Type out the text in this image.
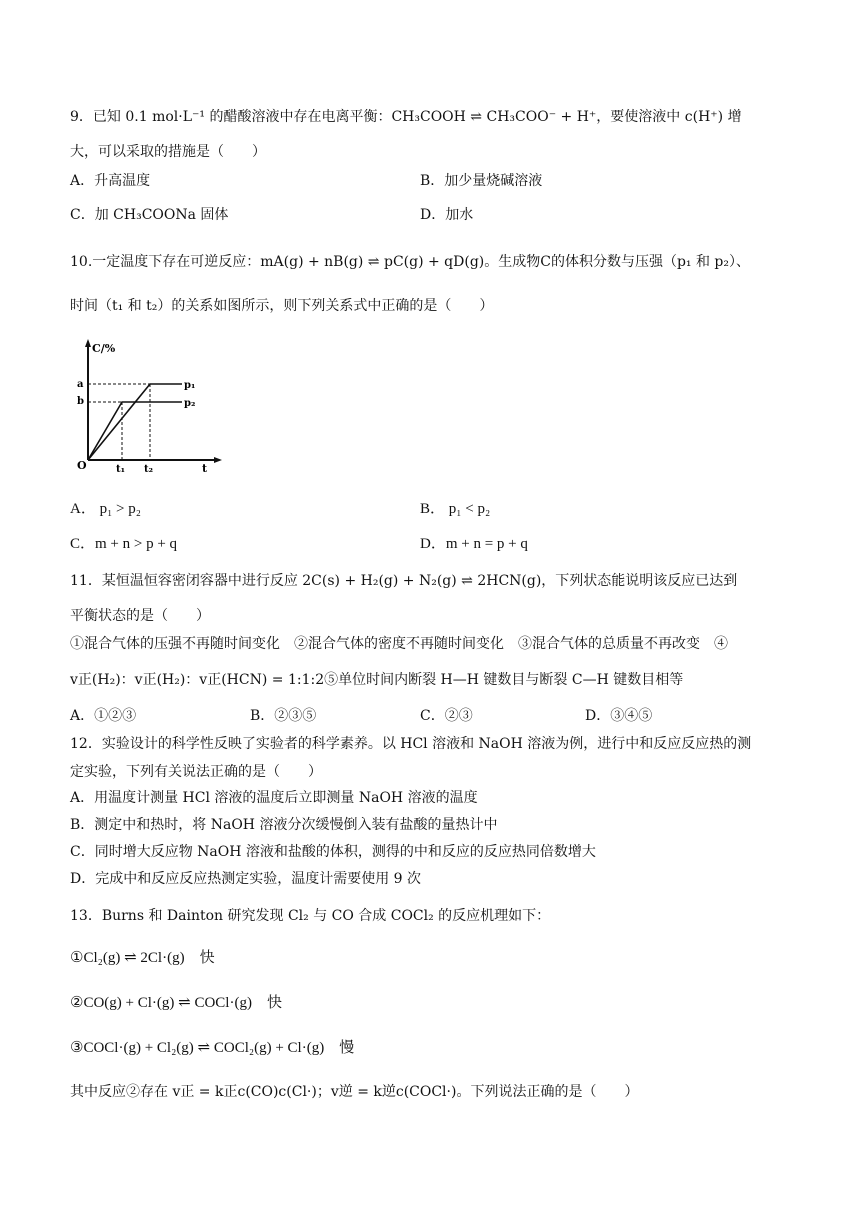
9．已知 0.1 mol·L⁻¹ 的醋酸溶液中存在电离平衡：CH₃COOH ⇌ CH₃COO⁻ + H⁺，要使溶液中 c(H⁺) 增
大，可以采取的措施是（　　）
A．升高温度	B．加少量烧碱溶液
C．加 CH₃COONa 固体	D．加水
10.一定温度下存在可逆反应：mA(g) + nB(g) ⇌ pC(g) + qD(g)。生成物C的体积分数与压强（p₁ 和 p₂）、
时间（t₁ 和 t₂）的关系如图所示，则下列关系式中正确的是（　　）
C/%
a
b
O	t₁ t₂	t
p₁
p₂
A． p₁ > p₂	B． p₁ < p₂
C．m + n > p + q	D．m + n = p + q
11．某恒温恒容密闭容器中进行反应 2C(s) + H₂(g) + N₂(g) ⇌ 2HCN(g)，下列状态能说明该反应已达到
平衡状态的是（　　）
①混合气体的压强不再随时间变化　②混合气体的密度不再随时间变化　③混合气体的总质量不再改变　④
v正(H₂)：v正(H₂)：v正(HCN) = 1:1:2⑤单位时间内断裂 H—H 键数目与断裂 C—H 键数目相等
A．①②③	B．②③⑤	C．②③	D．③④⑤
12．实验设计的科学性反映了实验者的科学素养。以 HCl 溶液和 NaOH 溶液为例，进行中和反应反应热的测
定实验，下列有关说法正确的是（　　）
A．用温度计测量 HCl 溶液的温度后立即测量 NaOH 溶液的温度
B．测定中和热时，将 NaOH 溶液分次缓慢倒入装有盐酸的量热计中
C．同时增大反应物 NaOH 溶液和盐酸的体积，测得的中和反应的反应热同倍数增大
D．完成中和反应反应热测定实验，温度计需要使用 9 次
13．Burns 和 Dainton 研究发现 Cl₂ 与 CO 合成 COCl₂ 的反应机理如下：
①Cl₂(g) ⇌ 2Cl·(g)　快
②CO(g) + Cl·(g) ⇌ COCl·(g)　快
③COCl·(g) + Cl₂(g) ⇌ COCl₂(g) + Cl·(g)　慢
其中反应②存在 v正 = k正c(CO)c(Cl·)；v逆 = k逆c(COCl·)。下列说法正确的是（　　）
